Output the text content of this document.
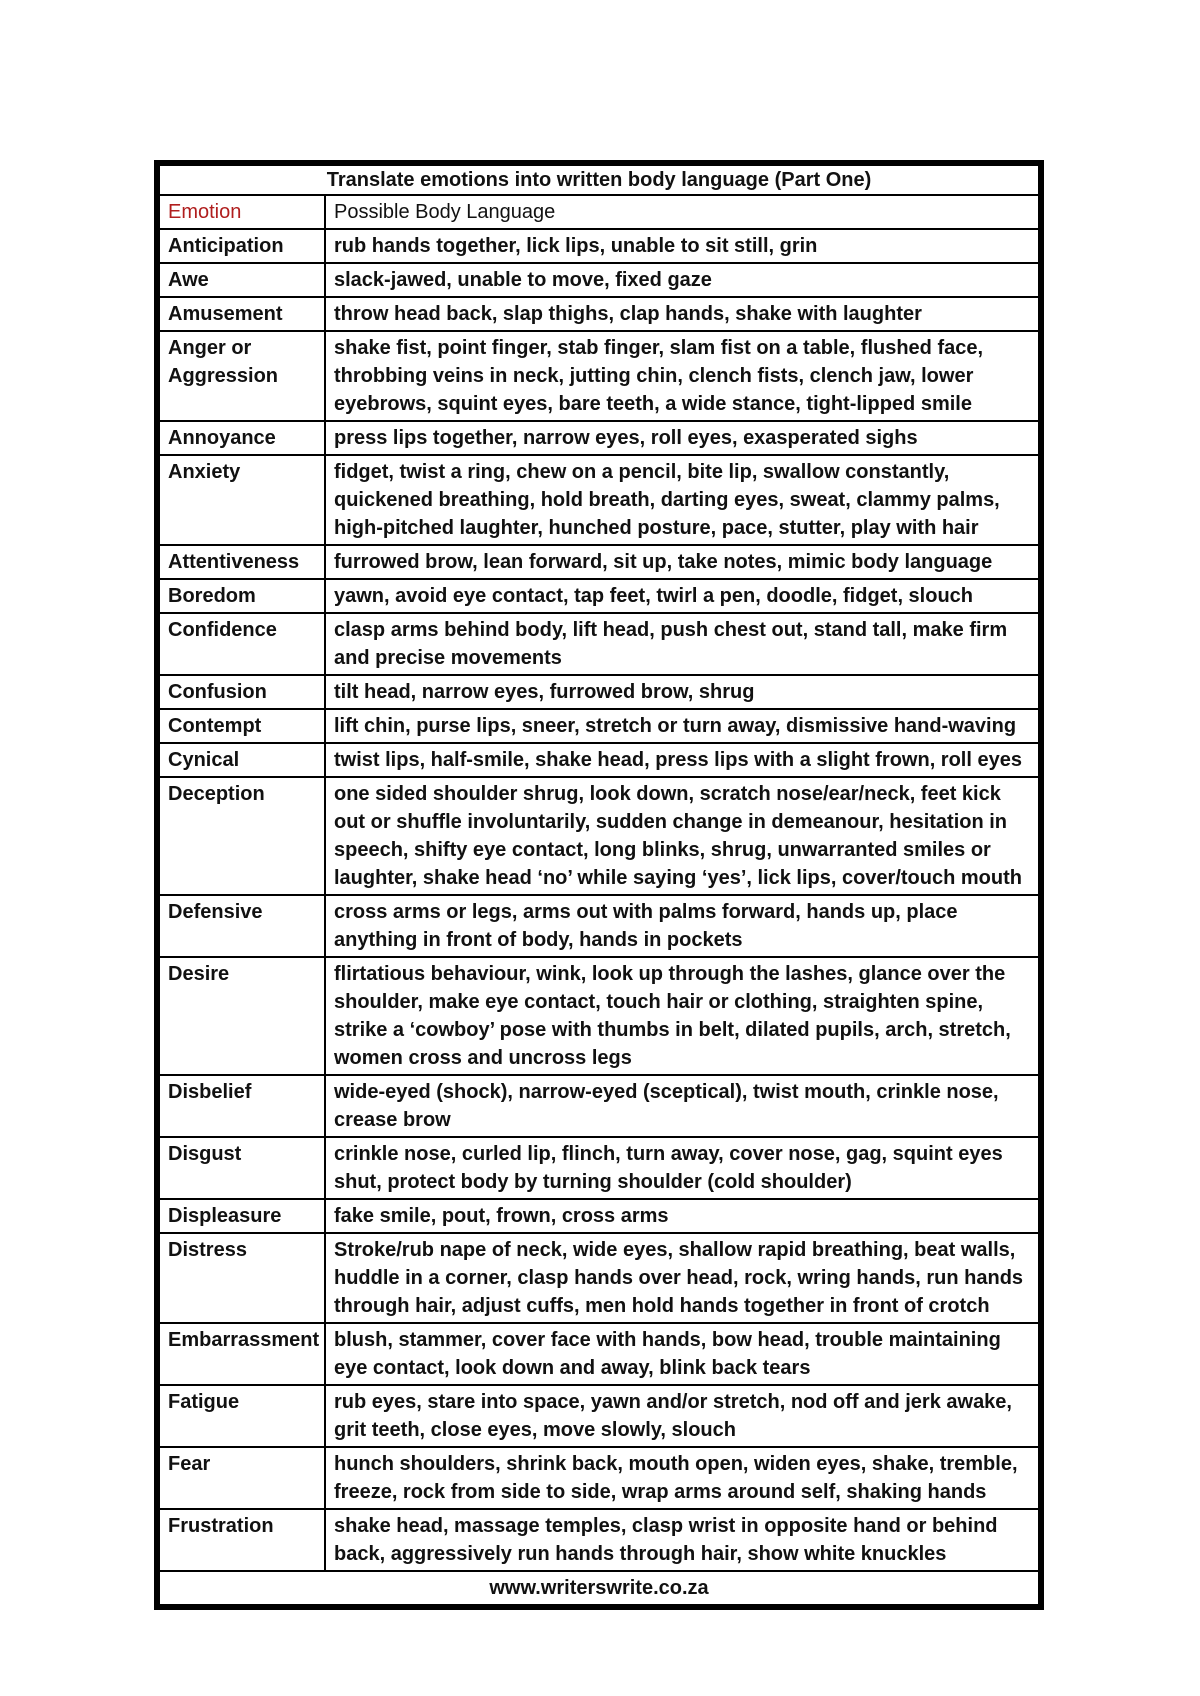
Translate emotions into written body language (Part One)	
Emotion	Possible Body Language
Anticipation	rub hands together, lick lips, unable to sit still, grin
Awe	slack-jawed, unable to move, fixed gaze
Amusement	throw head back, slap thighs, clap hands, shake with laughter
Anger or Aggression	shake fist, point finger, stab finger, slam fist on a table, flushed face, throbbing veins in neck, jutting chin, clench fists, clench jaw, lower eyebrows, squint eyes, bare teeth, a wide stance, tight-lipped smile
Annoyance	press lips together, narrow eyes, roll eyes, exasperated sighs
Anxiety	fidget, twist a ring, chew on a pencil, bite lip, swallow constantly, quickened breathing, hold breath, darting eyes, sweat, clammy palms, high-pitched laughter, hunched posture, pace, stutter, play with hair
Attentiveness	furrowed brow, lean forward, sit up, take notes, mimic body language
Boredom	yawn, avoid eye contact, tap feet, twirl a pen, doodle, fidget, slouch
Confidence	clasp arms behind body, lift head, push chest out, stand tall, make firm and precise movements
Confusion	tilt head, narrow eyes, furrowed brow, shrug
Contempt	lift chin, purse lips, sneer, stretch or turn away, dismissive hand-waving
Cynical	twist lips, half-smile, shake head, press lips with a slight frown, roll eyes
Deception	one sided shoulder shrug, look down, scratch nose/ear/neck, feet kick out or shuffle involuntarily, sudden change in demeanour, hesitation in speech, shifty eye contact, long blinks, shrug, unwarranted smiles or laughter, shake head ‘no’ while saying ‘yes’, lick lips, cover/touch mouth
Defensive	cross arms or legs, arms out with palms forward, hands up, place anything in front of body, hands in pockets
Desire	flirtatious behaviour, wink, look up through the lashes, glance over the shoulder, make eye contact, touch hair or clothing, straighten spine, strike a ‘cowboy’ pose with thumbs in belt, dilated pupils, arch, stretch, women cross and uncross legs
Disbelief	wide-eyed (shock), narrow-eyed (sceptical), twist mouth, crinkle nose, crease brow
Disgust	crinkle nose, curled lip, flinch, turn away, cover nose, gag, squint eyes shut, protect body by turning shoulder (cold shoulder)
Displeasure	fake smile, pout, frown, cross arms
Distress	Stroke/rub nape of neck, wide eyes, shallow rapid breathing, beat walls, huddle in a corner, clasp hands over head, rock, wring hands, run hands through hair, adjust cuffs, men hold hands together in front of crotch
Embarrassment	blush, stammer, cover face with hands, bow head, trouble maintaining eye contact, look down and away, blink back tears
Fatigue	rub eyes, stare into space, yawn and/or stretch, nod off and jerk awake, grit teeth, close eyes, move slowly, slouch
Fear	hunch shoulders, shrink back, mouth open, widen eyes, shake, tremble, freeze, rock from side to side, wrap arms around self, shaking hands
Frustration	shake head, massage temples, clasp wrist in opposite hand or behind back, aggressively run hands through hair, show white knuckles
www.writerswrite.co.za	
